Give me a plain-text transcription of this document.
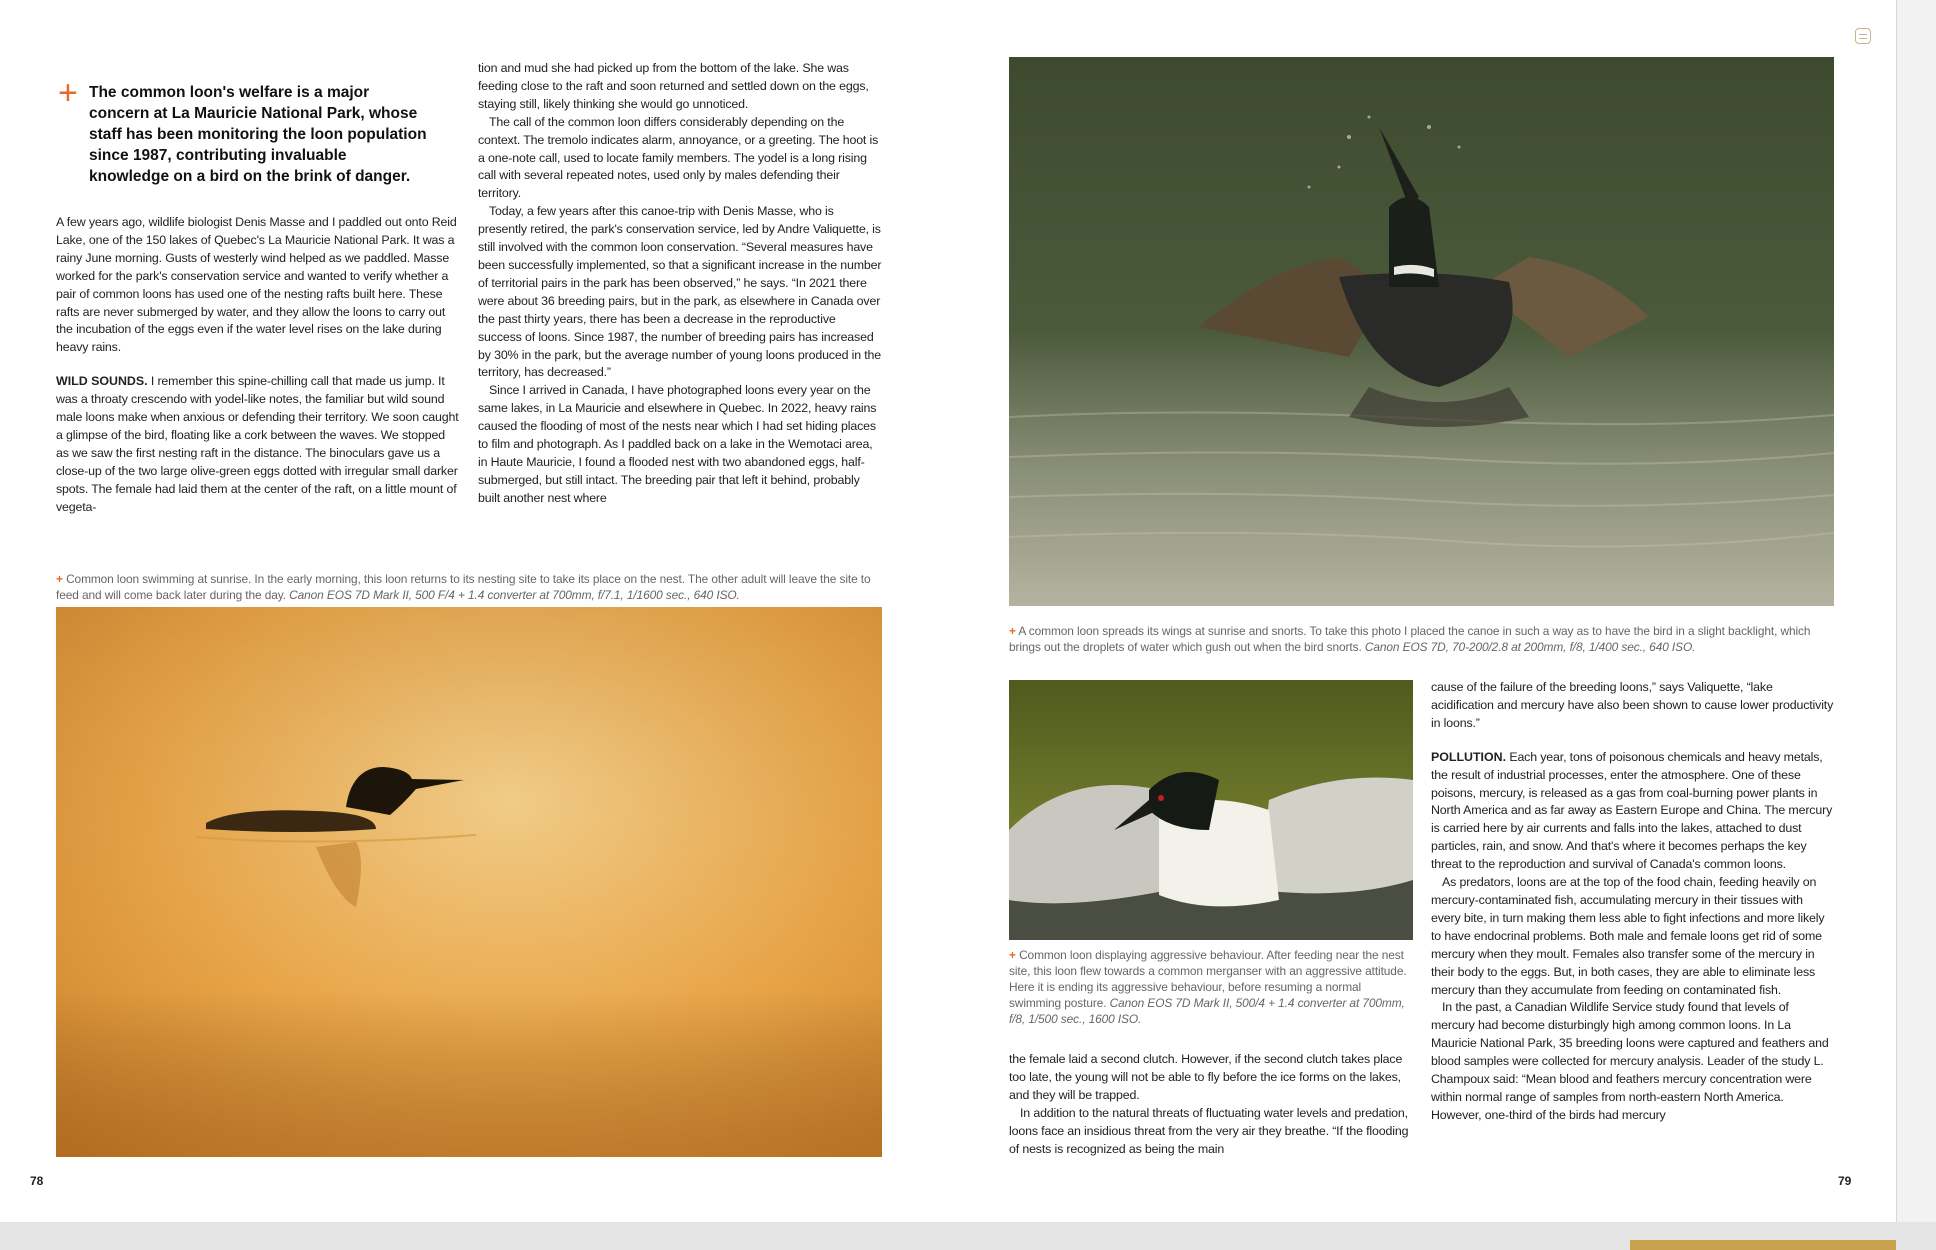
+ The common loon's welfare is a major concern at La Mauricie National Park, whose staff has been monitoring the loon population since 1987, contributing invaluable knowledge on a bird on the brink of danger.

A few years ago, wildlife biologist Denis Masse and I paddled out onto Reid Lake, one of the 150 lakes of Quebec's La Mauricie National Park. It was a rainy June morning. Gusts of westerly wind helped as we paddled. Masse worked for the park's conservation service and wanted to verify whether a pair of common loons has used one of the nesting rafts built here. These rafts are never submerged by water, and they allow the loons to carry out the incubation of the eggs even if the water level rises on the lake during heavy rains.

WILD SOUNDS. I remember this spine-chilling call that made us jump. It was a throaty crescendo with yodel-like notes, the familiar but wild sound male loons make when anxious or defending their territory. We soon caught a glimpse of the bird, floating like a cork between the waves. We stopped as we saw the first nesting raft in the distance. The binoculars gave us a close-up of the two large olive-green eggs dotted with irregular small darker spots. The female had laid them at the center of the raft, on a little mount of vegeta-

tion and mud she had picked up from the bottom of the lake. She was feeding close to the raft and soon returned and settled down on the eggs, staying still, likely thinking she would go unnoticed.

The call of the common loon differs considerably depending on the context. The tremolo indicates alarm, annoyance, or a greeting. The hoot is a one-note call, used to locate family members. The yodel is a long rising call with several repeated notes, used only by males defending their territory.

Today, a few years after this canoe-trip with Denis Masse, who is presently retired, the park's conservation service, led by Andre Valiquette, is still involved with the common loon conservation. “Several measures have been successfully implemented, so that a significant increase in the number of territorial pairs in the park has been observed,” he says. “In 2021 there were about 36 breeding pairs, but in the park, as elsewhere in Canada over the past thirty years, there has been a decrease in the reproductive success of loons. Since 1987, the number of breeding pairs has increased by 30% in the park, but the average number of young loons produced in the territory, has decreased.”

Since I arrived in Canada, I have photographed loons every year on the same lakes, in La Mauricie and elsewhere in Quebec. In 2022, heavy rains caused the flooding of most of the nests near which I had set hiding places to film and photograph. As I paddled back on a lake in the Wemotaci area, in Haute Mauricie, I found a flooded nest with two abandoned eggs, half-submerged, but still intact. The breeding pair that left it behind, probably built another nest where

+ Common loon swimming at sunrise. In the early morning, this loon returns to its nesting site to take its place on the nest. The other adult will leave the site to feed and will come back later during the day. Canon EOS 7D Mark II, 500 F/4 + 1.4 converter at 700mm, f/7.1, 1/1600 sec., 640 ISO.
78
+ A common loon spreads its wings at sunrise and snorts. To take this photo I placed the canoe in such a way as to have the bird in a slight backlight, which brings out the droplets of water which gush out when the bird snorts. Canon EOS 7D, 70-200/2.8 at 200mm, f/8, 1/400 sec., 640 ISO.
+ Common loon displaying aggressive behaviour. After feeding near the nest site, this loon flew towards a common merganser with an aggressive attitude. Here it is ending its aggressive behaviour, before resuming a normal swimming posture. Canon EOS 7D Mark II, 500/4 + 1.4 converter at 700mm, f/8, 1/500 sec., 1600 ISO.

the female laid a second clutch. However, if the second clutch takes place too late, the young will not be able to fly before the ice forms on the lakes, and they will be trapped.

In addition to the natural threats of fluctuating water levels and predation, loons face an insidious threat from the very air they breathe. “If the flooding of nests is recognized as being the main

cause of the failure of the breeding loons,” says Valiquette, “lake acidification and mercury have also been shown to cause lower productivity in loons.”

POLLUTION. Each year, tons of poisonous chemicals and heavy metals, the result of industrial processes, enter the atmosphere. One of these poisons, mercury, is released as a gas from coal-burning power plants in North America and as far away as Eastern Europe and China. The mercury is carried here by air currents and falls into the lakes, attached to dust particles, rain, and snow. And that's where it becomes perhaps the key threat to the reproduction and survival of Canada's common loons.

As predators, loons are at the top of the food chain, feeding heavily on mercury-contaminated fish, accumulating mercury in their tissues with every bite, in turn making them less able to fight infections and more likely to have endocrinal problems. Both male and female loons get rid of some mercury when they moult. Females also transfer some of the mercury in their body to the eggs. But, in both cases, they are able to eliminate less mercury than they accumulate from feeding on contaminated fish.

In the past, a Canadian Wildlife Service study found that levels of mercury had become disturbingly high among common loons. In La Mauricie National Park, 35 breeding loons were captured and feathers and blood samples were collected for mercury analysis. Leader of the study L. Champoux said: “Mean blood and feathers mercury concentration were within normal range of samples from north-eastern North America. However, one-third of the birds had mercury

79
